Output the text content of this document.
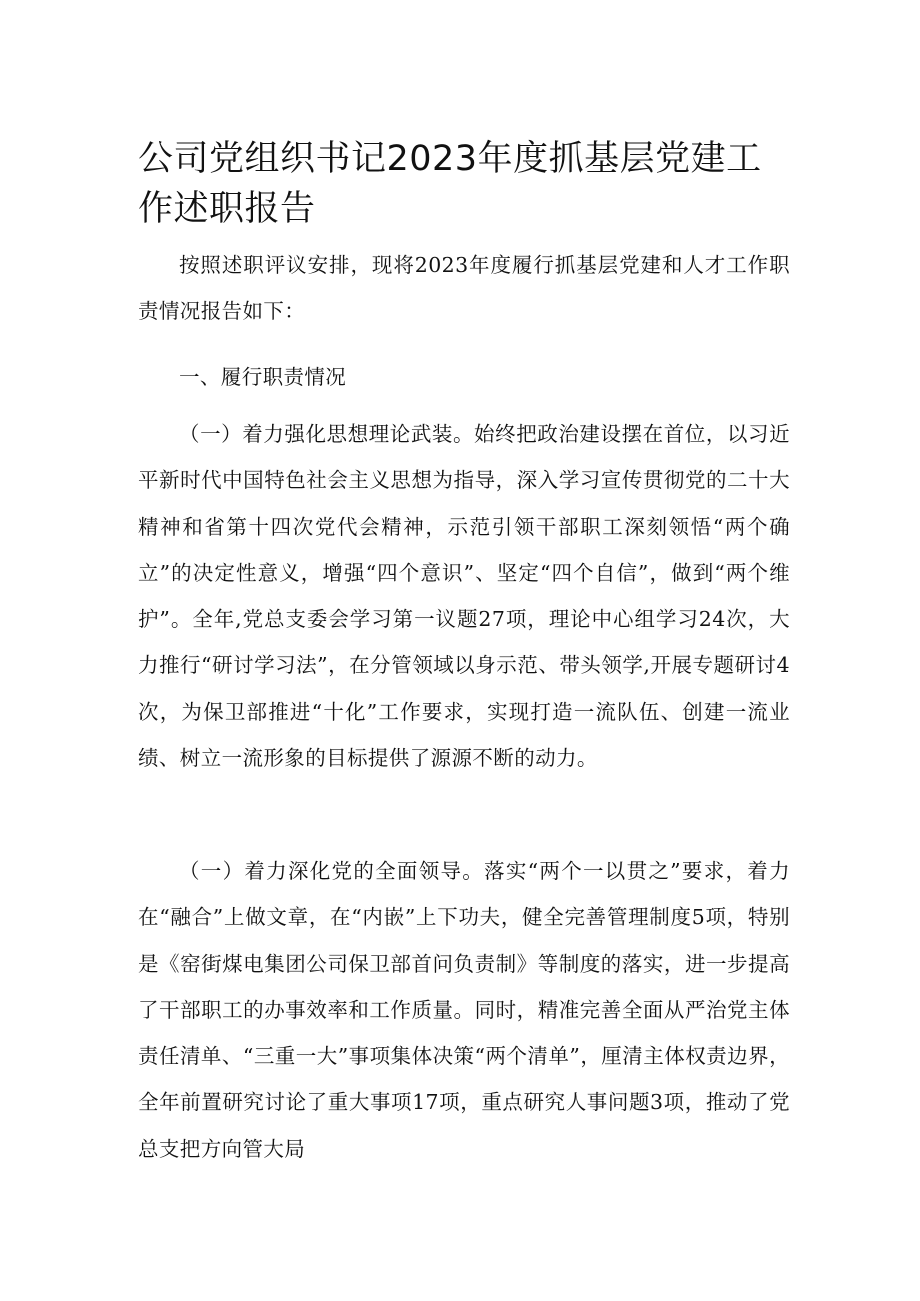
公司党组织书记2023年度抓基层党建工作述职报告

按照述职评议安排，现将2023年度履行抓基层党建和人才工作职责情况报告如下：

一、履行职责情况

（一）着力强化思想理论武装。始终把政治建设摆在首位，以习近平新时代中国特色社会主义思想为指导，深入学习宣传贯彻党的二十大精神和省第十四次党代会精神，示范引领干部职工深刻领悟“两个确立”的决定性意义，增强“四个意识”、坚定“四个自信”，做到“两个维护”。全年,党总支委会学习第一议题27项，理论中心组学习24次，大力推行“研讨学习法”，在分管领域以身示范、带头领学,开展专题研讨4次，为保卫部推进“十化”工作要求，实现打造一流队伍、创建一流业绩、树立一流形象的目标提供了源源不断的动力。

（一）着力深化党的全面领导。落实“两个一以贯之”要求，着力在“融合”上做文章，在“内嵌”上下功夫，健全完善管理制度5项，特别是《窑街煤电集团公司保卫部首问负责制》等制度的落实，进一步提高了干部职工的办事效率和工作质量。同时，精准完善全面从严治党主体责任清单、“三重一大”事项集体决策“两个清单”，厘清主体权责边界，全年前置研究讨论了重大事项17项，重点研究人事问题3项，推动了党总支把方向管大局
